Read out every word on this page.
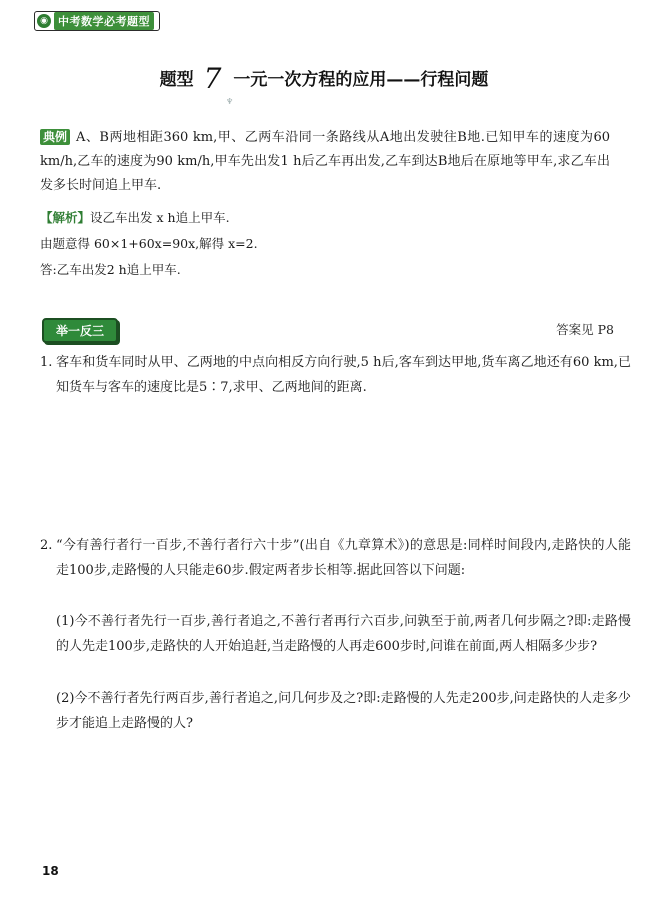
◉ 中考数学必考题型
题型 7 一元一次方程的应用——行程问题
♆
典例 A、B两地相距360 km,甲、乙两车沿同一条路线从A地出发驶往B地.已知甲车的速度为60 km/h,乙车的速度为90 km/h,甲车先出发1 h后乙车再出发,乙车到达B地后在原地等甲车,求乙车出发多长时间追上甲车.
【解析】设乙车出发 x h追上甲车.
由题意得 60×1+60x=90x,解得 x=2.
答:乙车出发2 h追上甲车.
举一反三	答案见 P8
1. 客车和货车同时从甲、乙两地的中点向相反方向行驶,5 h后,客车到达甲地,货车离乙地还有60 km,已知货车与客车的速度比是5∶7,求甲、乙两地间的距离.
2. “今有善行者行一百步,不善行者行六十步”(出自《九章算术》)的意思是:同样时间段内,走路快的人能走100步,走路慢的人只能走60步.假定两者步长相等.据此回答以下问题:
(1)今不善行者先行一百步,善行者追之,不善行者再行六百步,问孰至于前,两者几何步隔之?即:走路慢的人先走100步,走路快的人开始追赶,当走路慢的人再走600步时,问谁在前面,两人相隔多少步?
(2)今不善行者先行两百步,善行者追之,问几何步及之?即:走路慢的人先走200步,问走路快的人走多少步才能追上走路慢的人?
18
